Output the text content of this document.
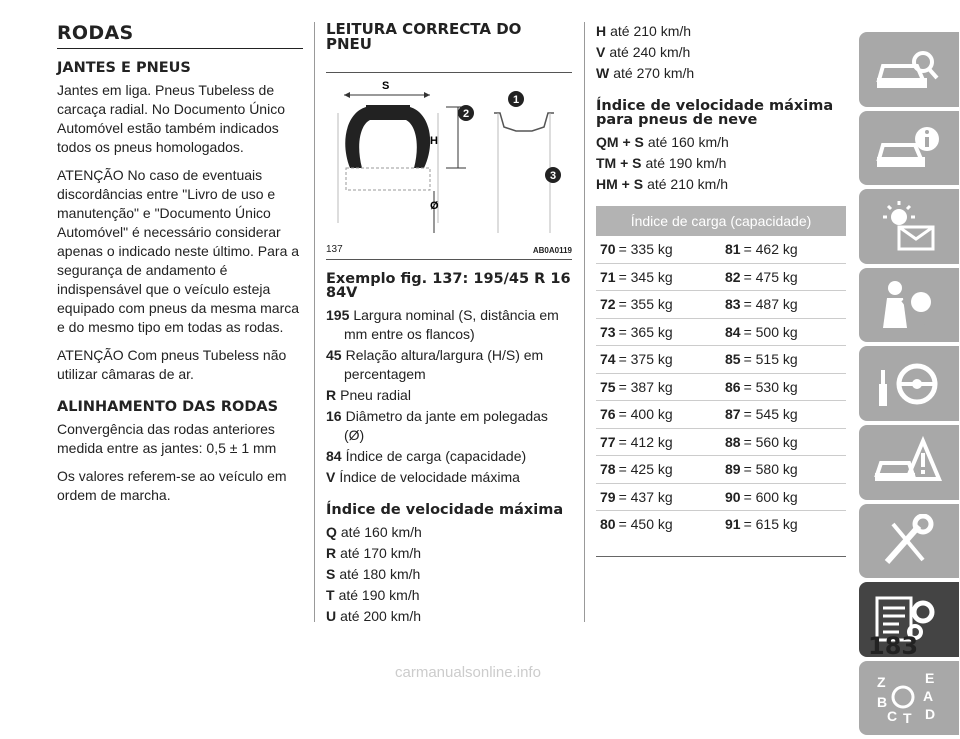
RODAS
JANTES E PNEUS

Jantes em liga. Pneus Tubeless de carcaça radial. No Documento Único Automóvel estão também indicados todos os pneus homologados.

ATENÇÃO No caso de eventuais discordâncias entre "Livro de uso e manutenção" e "Documento Único Automóvel" é necessário considerar apenas o indicado neste último. Para a segurança de andamento é indispensável que o veículo esteja equipado com pneus da mesma marca e do mesmo tipo em todas as rodas.

ATENÇÃO Com pneus Tubeless não utilizar câmaras de ar.

ALINHAMENTO DAS RODAS

Convergência das rodas anteriores medida entre as jantes: 0,5 ± 1 mm

Os valores referem-se ao veículo em ordem de marcha.

LEITURA CORRECTA DO PNEU
S
H
Ø
1
2
3
137	AB0A0119
Exemplo fig. 137: 195/45 R 16 84V
195 Largura nominal (S, distância em mm entre os flancos)
45 Relação altura/largura (H/S) em percentagem
R Pneu radial
16 Diâmetro da jante em polegadas (Ø)
84 Índice de carga (capacidade)
V Índice de velocidade máxima
Índice de velocidade máxima
Q até 160 km/h
R até 170 km/h
S até 180 km/h
T até 190 km/h
U até 200 km/h
H até 210 km/h
V até 240 km/h
W até 270 km/h
Índice de velocidade máxima para pneus de neve
QM + S até 160 km/h
TM + S até 190 km/h
HM + S até 210 km/h
Índice de carga (capacidade)
70 = 335 kg	81 = 462 kg
71 = 345 kg	82 = 475 kg
72 = 355 kg	83 = 487 kg
73 = 365 kg	84 = 500 kg
74 = 375 kg	85 = 515 kg
75 = 387 kg	86 = 530 kg
76 = 400 kg	87 = 545 kg
77 = 412 kg	88 = 560 kg
78 = 425 kg	89 = 580 kg
79 = 437 kg	90 = 600 kg
80 = 450 kg	91 = 615 kg
Z	E
A
B
C T D
183
carmanualsonline.info
